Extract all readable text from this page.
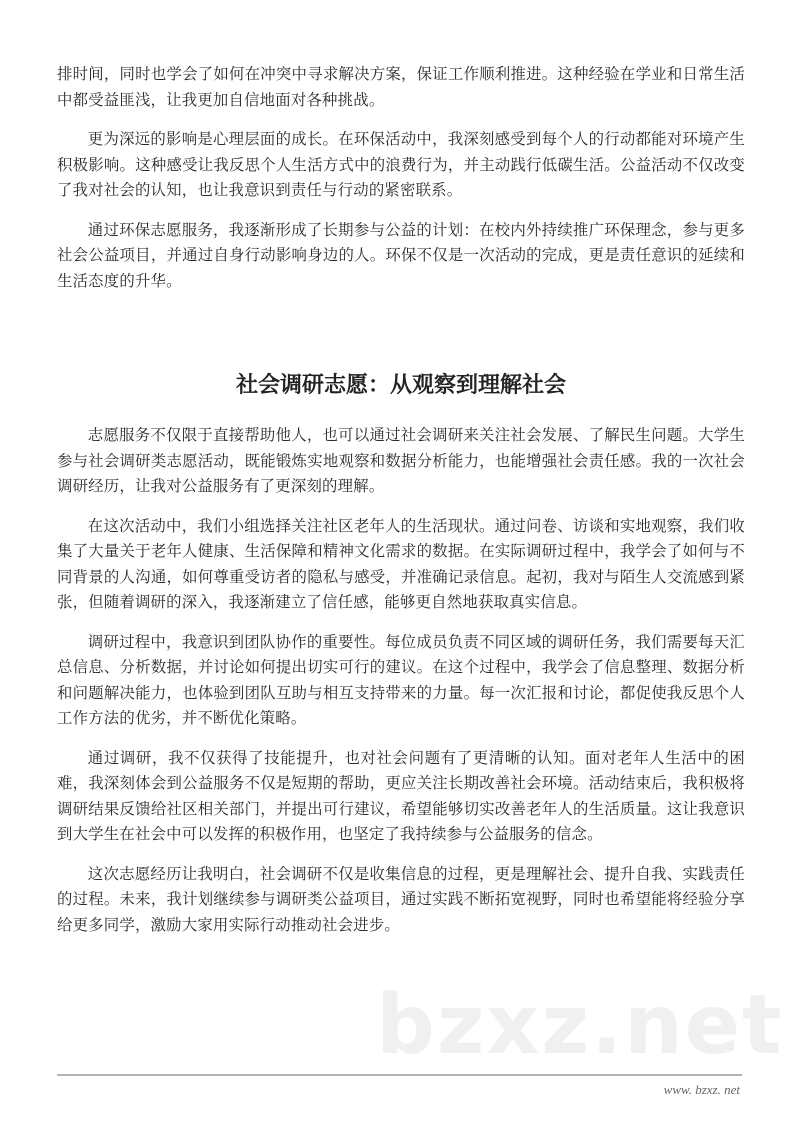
排时间，同时也学会了如何在冲突中寻求解决方案，保证工作顺利推进。这种经验在学业和日常生活中都受益匪浅，让我更加自信地面对各种挑战。

更为深远的影响是心理层面的成长。在环保活动中，我深刻感受到每个人的行动都能对环境产生积极影响。这种感受让我反思个人生活方式中的浪费行为，并主动践行低碳生活。公益活动不仅改变了我对社会的认知，也让我意识到责任与行动的紧密联系。

通过环保志愿服务，我逐渐形成了长期参与公益的计划：在校内外持续推广环保理念，参与更多社会公益项目，并通过自身行动影响身边的人。环保不仅是一次活动的完成，更是责任意识的延续和生活态度的升华。

社会调研志愿：从观察到理解社会

志愿服务不仅限于直接帮助他人，也可以通过社会调研来关注社会发展、了解民生问题。大学生参与社会调研类志愿活动，既能锻炼实地观察和数据分析能力，也能增强社会责任感。我的一次社会调研经历，让我对公益服务有了更深刻的理解。

在这次活动中，我们小组选择关注社区老年人的生活现状。通过问卷、访谈和实地观察，我们收集了大量关于老年人健康、生活保障和精神文化需求的数据。在实际调研过程中，我学会了如何与不同背景的人沟通，如何尊重受访者的隐私与感受，并准确记录信息。起初，我对与陌生人交流感到紧张，但随着调研的深入，我逐渐建立了信任感，能够更自然地获取真实信息。

调研过程中，我意识到团队协作的重要性。每位成员负责不同区域的调研任务，我们需要每天汇总信息、分析数据，并讨论如何提出切实可行的建议。在这个过程中，我学会了信息整理、数据分析和问题解决能力，也体验到团队互助与相互支持带来的力量。每一次汇报和讨论，都促使我反思个人工作方法的优劣，并不断优化策略。

通过调研，我不仅获得了技能提升，也对社会问题有了更清晰的认知。面对老年人生活中的困难，我深刻体会到公益服务不仅是短期的帮助，更应关注长期改善社会环境。活动结束后，我积极将调研结果反馈给社区相关部门，并提出可行建议，希望能够切实改善老年人的生活质量。这让我意识到大学生在社会中可以发挥的积极作用，也坚定了我持续参与公益服务的信念。

这次志愿经历让我明白，社会调研不仅是收集信息的过程，更是理解社会、提升自我、实践责任的过程。未来，我计划继续参与调研类公益项目，通过实践不断拓宽视野，同时也希望能将经验分享给更多同学，激励大家用实际行动推动社会进步。

bzxz.net
www. bzxz. net
